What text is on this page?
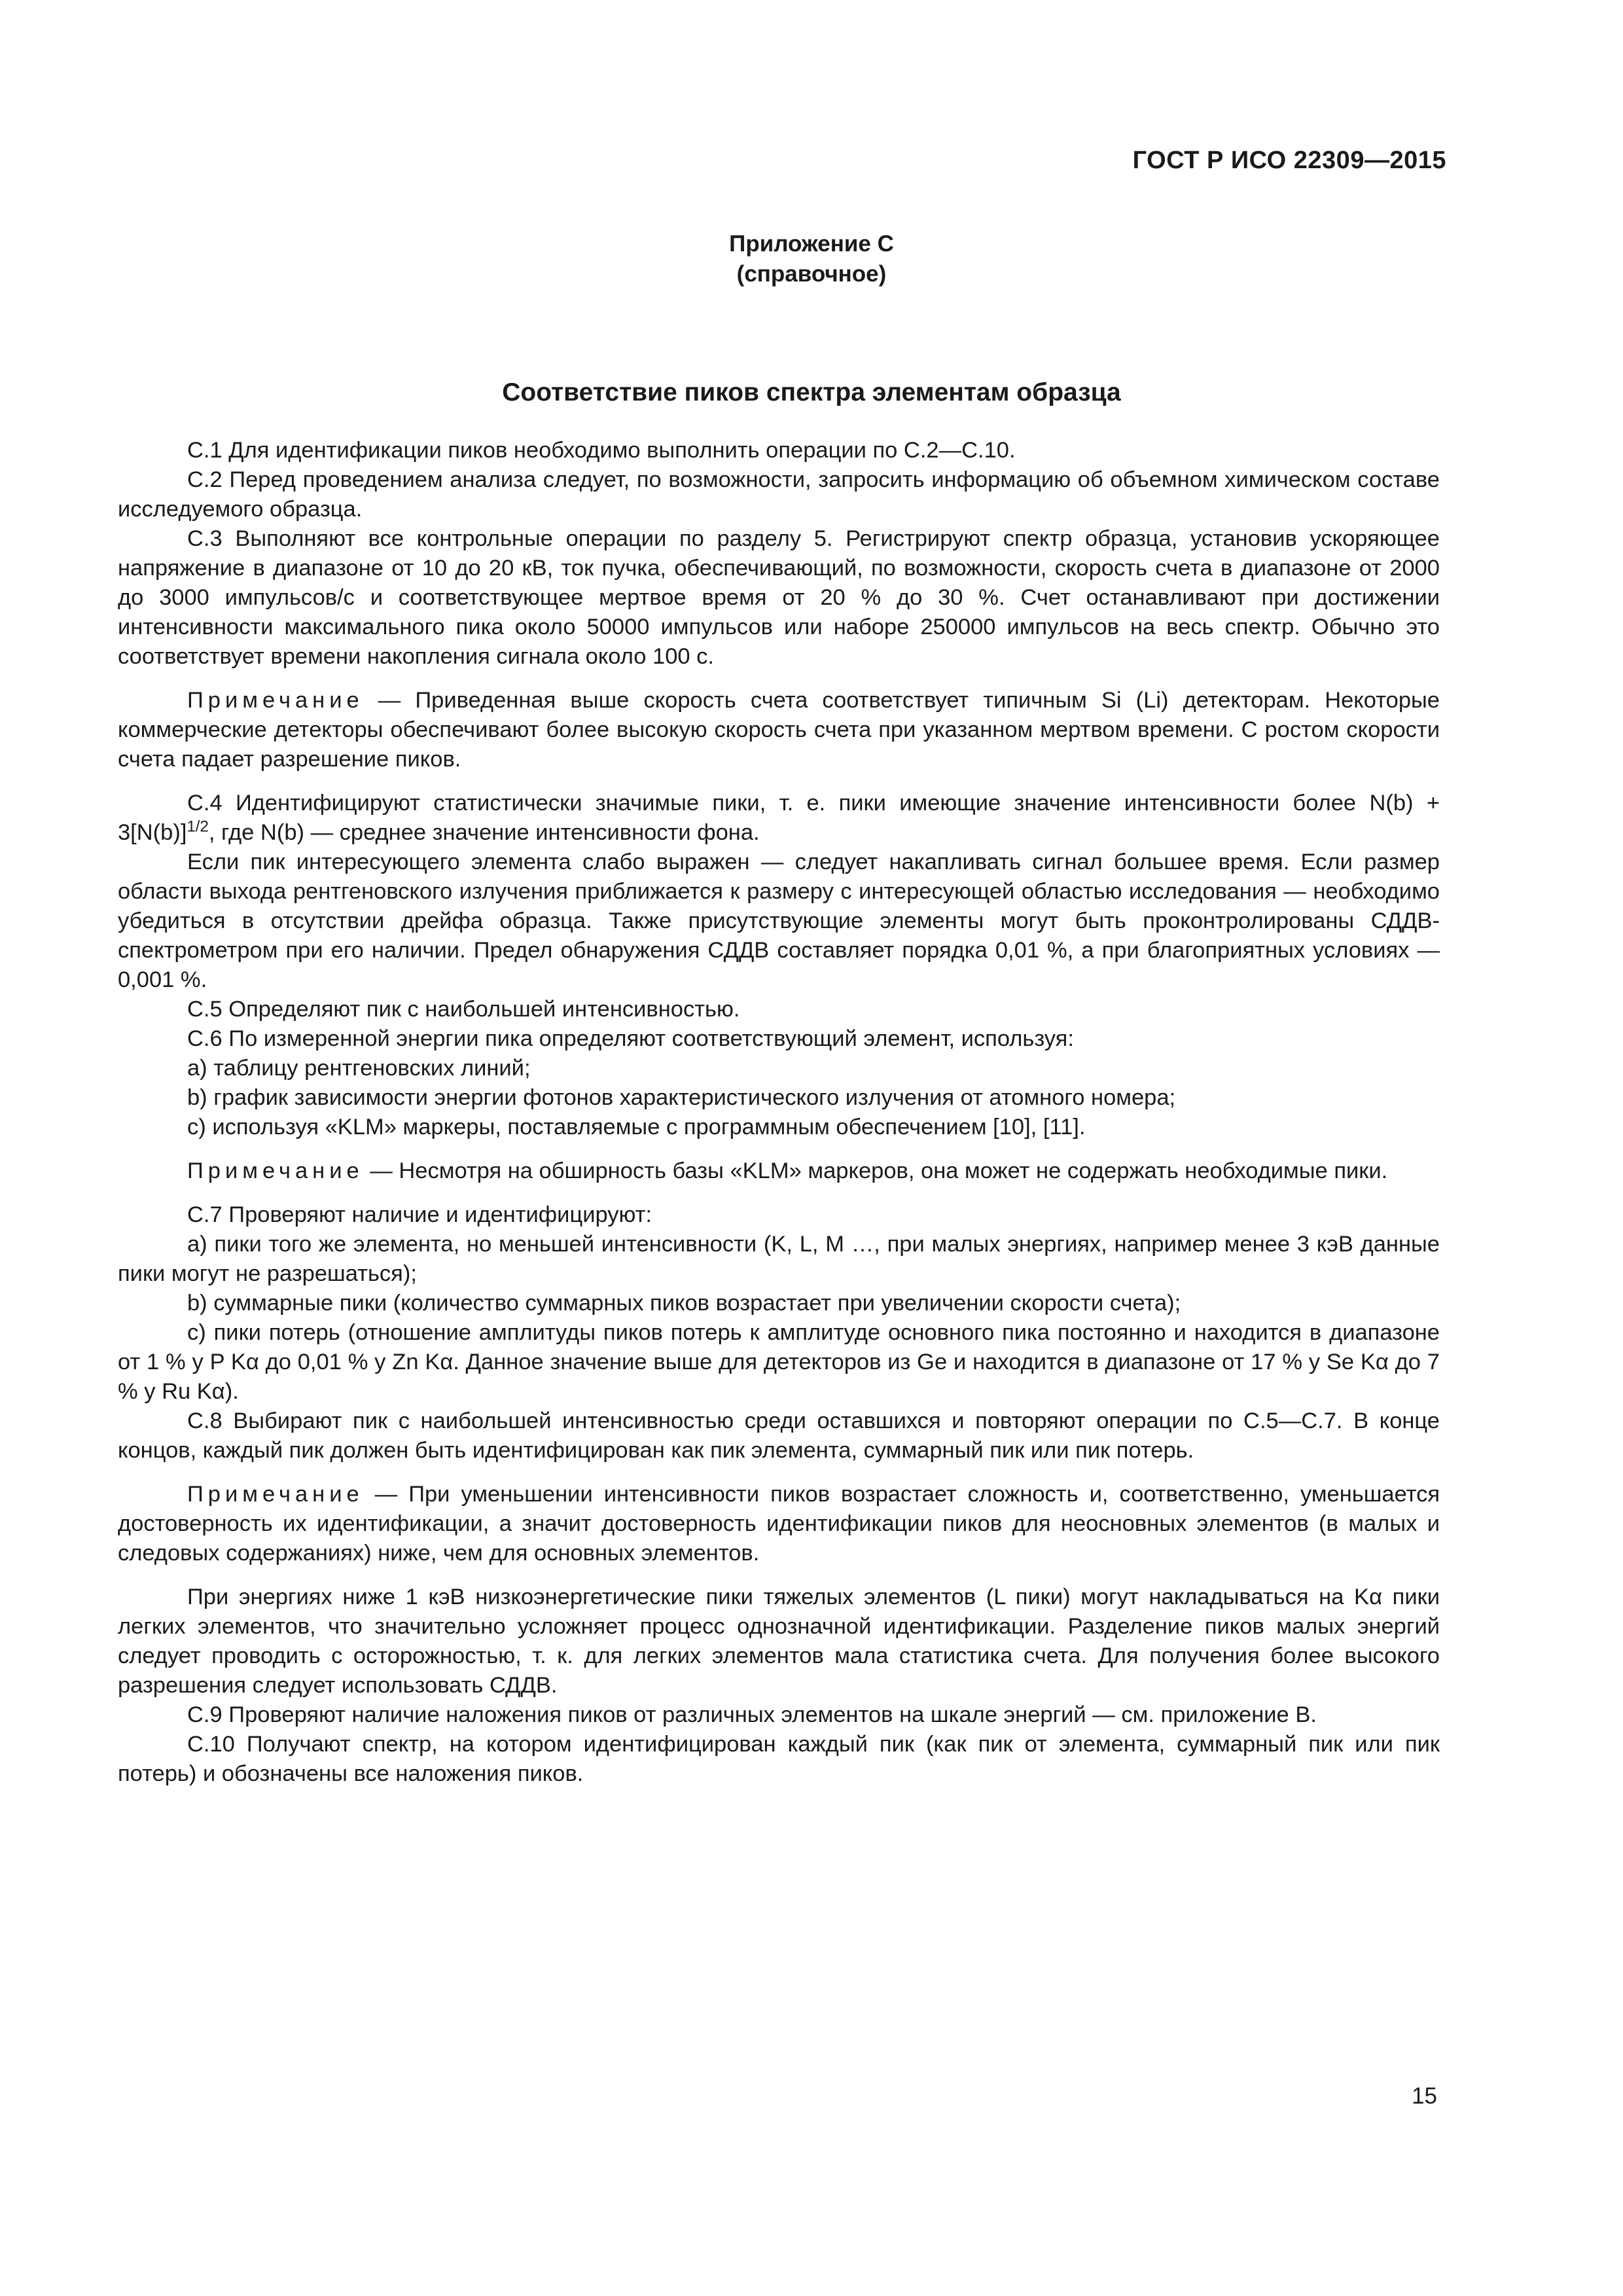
ГОСТ Р ИСО 22309—2015
Приложение С
(справочное)
Соответствие пиков спектра элементам образца

С.1 Для идентификации пиков необходимо выполнить операции по С.2—С.10.

С.2 Перед проведением анализа следует, по возможности, запросить информацию об объемном химическом составе исследуемого образца.

С.3 Выполняют все контрольные операции по разделу 5. Регистрируют спектр образца, установив ускоряющее напряжение в диапазоне от 10 до 20 кВ, ток пучка, обеспечивающий, по возможности, скорость счета в диапазоне от 2000 до 3000 импульсов/с и соответствующее мертвое время от 20 % до 30 %. Счет останавливают при достижении интенсивности максимального пика около 50000 импульсов или наборе 250000 импульсов на весь спектр. Обычно это соответствует времени накопления сигнала около 100 с.

Примечание — Приведенная выше скорость счета соответствует типичным Si (Li) детекторам. Некоторые коммерческие детекторы обеспечивают более высокую скорость счета при указанном мертвом времени. С ростом скорости счета падает разрешение пиков.

С.4 Идентифицируют статистически значимые пики, т. е. пики имеющие значение интенсивности более $N(b) + 3[N(b)]^{1/2}$, где N(b) — среднее значение интенсивности фона.

Если пик интересующего элемента слабо выражен — следует накапливать сигнал большее время. Если размер области выхода рентгеновского излучения приближается к размеру с интересующей областью исследования — необходимо убедиться в отсутствии дрейфа образца. Также присутствующие элементы могут быть проконтролированы СДДВ-спектрометром при его наличии. Предел обнаружения СДДВ составляет порядка 0,01 %, а при благоприятных условиях — 0,001 %.

С.5 Определяют пик с наибольшей интенсивностью.

С.6 По измеренной энергии пика определяют соответствующий элемент, используя:

a) таблицу рентгеновских линий;

b) график зависимости энергии фотонов характеристического излучения от атомного номера;

c) используя «KLM» маркеры, поставляемые с программным обеспечением [10], [11].

Примечание — Несмотря на обширность базы «KLM» маркеров, она может не содержать необходимые пики.

С.7 Проверяют наличие и идентифицируют:

a) пики того же элемента, но меньшей интенсивности (K, L, M …, при малых энергиях, например менее 3 кэВ данные пики могут не разрешаться);

b) суммарные пики (количество суммарных пиков возрастает при увеличении скорости счета);

c) пики потерь (отношение амплитуды пиков потерь к амплитуде основного пика постоянно и находится в диапазоне от 1 % у P Kα до 0,01 % у Zn Kα. Данное значение выше для детекторов из Ge и находится в диапазоне от 17 % у Se Kα до 7 % у Ru Kα).

С.8 Выбирают пик с наибольшей интенсивностью среди оставшихся и повторяют операции по С.5—С.7. В конце концов, каждый пик должен быть идентифицирован как пик элемента, суммарный пик или пик потерь.

Примечание — При уменьшении интенсивности пиков возрастает сложность и, соответственно, уменьшается достоверность их идентификации, а значит достоверность идентификации пиков для неосновных элементов (в малых и следовых содержаниях) ниже, чем для основных элементов.

При энергиях ниже 1 кэВ низкоэнергетические пики тяжелых элементов (L пики) могут накладываться на Kα пики легких элементов, что значительно усложняет процесс однозначной идентификации. Разделение пиков малых энергий следует проводить с осторожностью, т. к. для легких элементов мала статистика счета. Для получения более высокого разрешения следует использовать СДДВ.

С.9 Проверяют наличие наложения пиков от различных элементов на шкале энергий — см. приложение В.

С.10 Получают спектр, на котором идентифицирован каждый пик (как пик от элемента, суммарный пик или пик потерь) и обозначены все наложения пиков.

15
